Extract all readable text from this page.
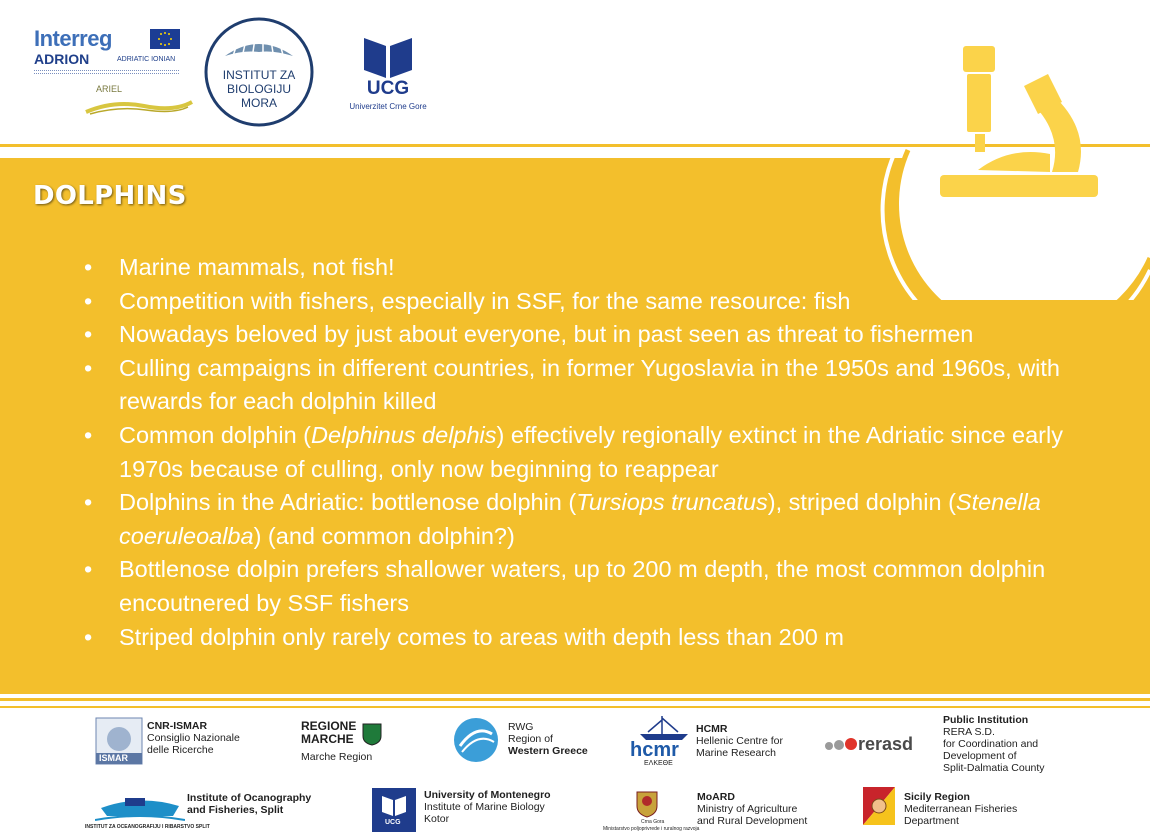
Interreg
ADRION	ADRIATIC IONIAN
ARIEL
INSTITUT ZA
BIOLOGIJU
MORA
UCG
Univerzitet Crne Gore
DOLPHINS
• Marine mammals, not fish!
• Competition with fishers, especially in SSF, for the same resource: fish
• Nowadays beloved by just about everyone, but in past seen as threat to fishermen
• Culling campaigns in different countries, in former Yugoslavia in the 1950s and 1960s, with rewards for each dolphin killed
• Common dolphin (Delphinus delphis) effectively regionally extinct in the Adriatic since early 1970s because of culling, only now beginning to reappear
• Dolphins in the Adriatic: bottlenose dolphin (Tursiops truncatus), striped dolphin (Stenella coeruleoalba) (and common dolphin?)
• Bottlenose dolpin prefers shallower waters, up to 200 m depth, the most common dolphin encoutnered by SSF fishers
• Striped dolphin only rarely comes to areas with depth less than 200 m
ISMAR
CNR-ISMAR
Consiglio Nazionale
delle Ricerche
REGIONE
MARCHE
Marche Region
RWG
Region of
Western Greece hcmr
ΕΛΚΕΘΕ
HCMR
Hellenic Centre for
Marine Research	rerasd
Public Institution
RERA S.D.
for Coordination and
Development of
Split-Dalmatia County
INSTITUT ZA OCEANOGRAFIJU I RIBARSTVO SPLIT
Institute of Ocanography
and Fisheries, Split
UCG
University of Montenegro
Institute of Marine Biology
Kotor	Crna Gora
Ministarstvo poljoprivrede i ruralnog razvoja
MoARD
Ministry of Agriculture
and Rural Development
Sicily Region
Mediterranean Fisheries
Department
